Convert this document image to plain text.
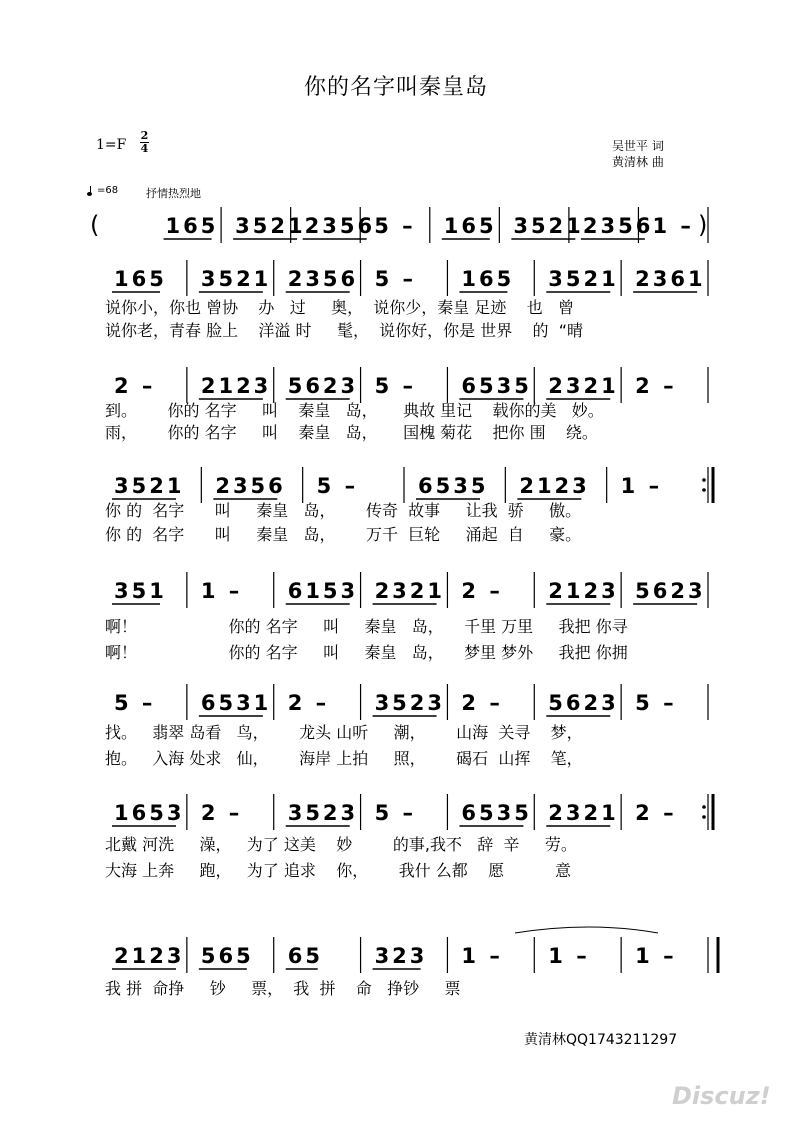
你的名字叫秦皇岛
1=F
2
4	吴世平 词
黄清林 曲
=68	抒情热烈地
(	165 3521 2356 5 – 165 3521 2356 1 – )
165 3521 2356 5 – 165 3521 2361
2 – 2123 5623 5 – 6535 2321 2 –
3521 2356 5 –	6535 2123 1 –
351 1 – 6153 2321 2 – 2123 5623
5 – 6531 2 – 3523 2 – 5623 5 –
1653 2 – 3523 5 – 6535 2321 2 –
2123 565 65 323 1 – 1 – 1 –
说你小，你也 曾协    办   过     奥，  说你少，秦皇 足迹    也   曾
说你老，青春 脸上    洋溢 时     髦，  说你好，你是 世界    的  “晴
到。      你的 名字     叫    秦皇   岛，     典故 里记    载你的美   妙。
雨，      你的 名字     叫    秦皇   岛，     国槐 菊花    把你 围    绕。
你 的  名字      叫     秦皇   岛，      传奇  故事     让我  骄     傲。
你 的  名字      叫     秦皇   岛，      万千  巨轮     涌起  自     豪。
啊！                  你的 名字     叫     秦皇   岛，    千里 万里     我把 你寻
啊！                  你的 名字     叫     秦皇   岛，    梦里 梦外     我把 你拥
找。   翡翠 岛看   鸟，      龙头 山听     潮，      山海  关寻    梦，
抱。   入海 处求   仙，      海岸 上拍     照，      碣石  山挥    笔，
北戴 河洗     澡，   为了 这美    妙        的事,我不   辞  辛     劳。
大海 上奔     跑，   为了 追求    你，      我什 么都    愿          意
我 拼  命挣     钞     票，  我  拼    命   挣钞     票
黄清林QQ1743211297
Discuz!
